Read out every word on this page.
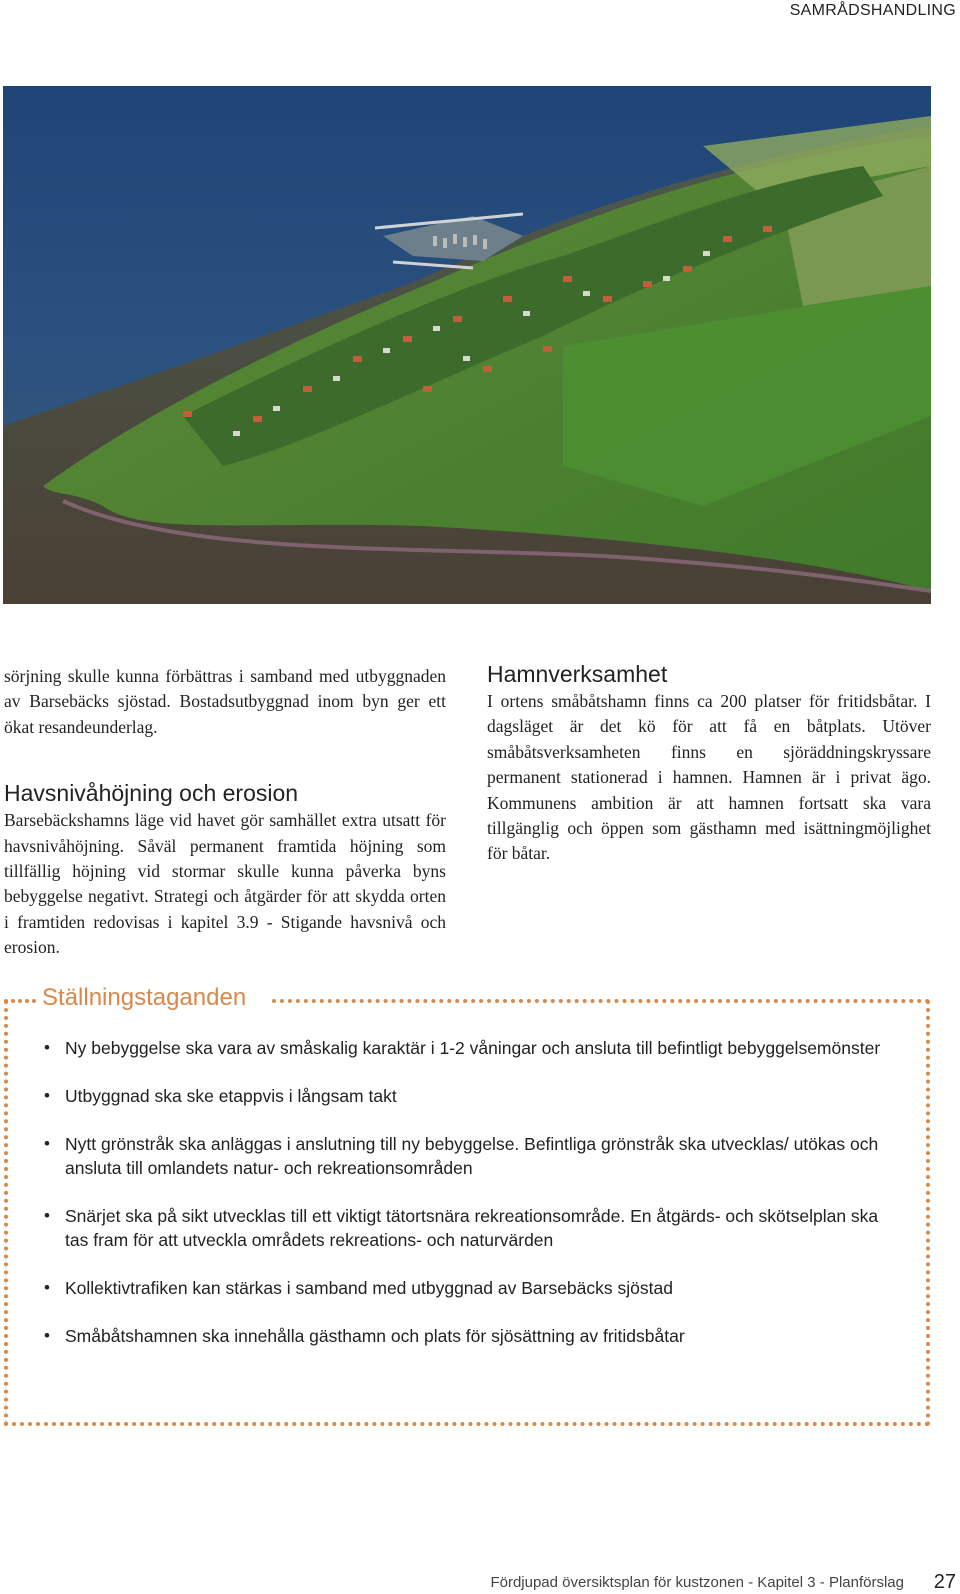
SAMRÅDSHANDLING

sörjning skulle kunna förbättras i samband med utbyggnaden av Barsebäcks sjöstad. Bostadsutbyggnad inom byn ger ett ökat resandeunderlag.

Havsnivåhöjning och erosion

Barsebäckshamns läge vid havet gör samhället extra utsatt för havsnivåhöjning. Såväl permanent framtida höjning som tillfällig höjning vid stormar skulle kunna påverka byns bebyggelse negativt. Strategi och åtgärder för att skydda orten i framtiden redovisas i kapitel 3.9 - Stigande havsnivå och erosion.

Hamnverksamhet

I ortens småbåtshamn finns ca 200 platser för fritidsbåtar. I dagsläget är det kö för att få en båtplats. Utöver småbåtsverksamheten finns en sjöräddningskryssare permanent stationerad i hamnen. Hamnen är i privat ägo. Kommunens ambition är att hamnen fortsatt ska vara tillgänglig och öppen som gästhamn med isättningmöjlighet för båtar.

Ställningstaganden
• Ny bebyggelse ska vara av småskalig karaktär i 1-2 våningar och ansluta till befintligt bebyggelsemönster
• Utbyggnad ska ske etappvis i långsam takt
• Nytt grönstråk ska anläggas i anslutning till ny bebyggelse. Befintliga grönstråk ska utvecklas/ utökas och ansluta till omlandets natur- och rekreationsområden
• Snärjet ska på sikt utvecklas till ett viktigt tätortsnära rekreationsområde. En åtgärds- och skötselplan ska tas fram för att utveckla områdets rekreations- och naturvärden
• Kollektivtrafiken kan stärkas i samband med utbyggnad av Barsebäcks sjöstad
• Småbåtshamnen ska innehålla gästhamn och plats för sjösättning av fritidsbåtar
Fördjupad översiktsplan för kustzonen - Kapitel 3 - Planförslag 27
